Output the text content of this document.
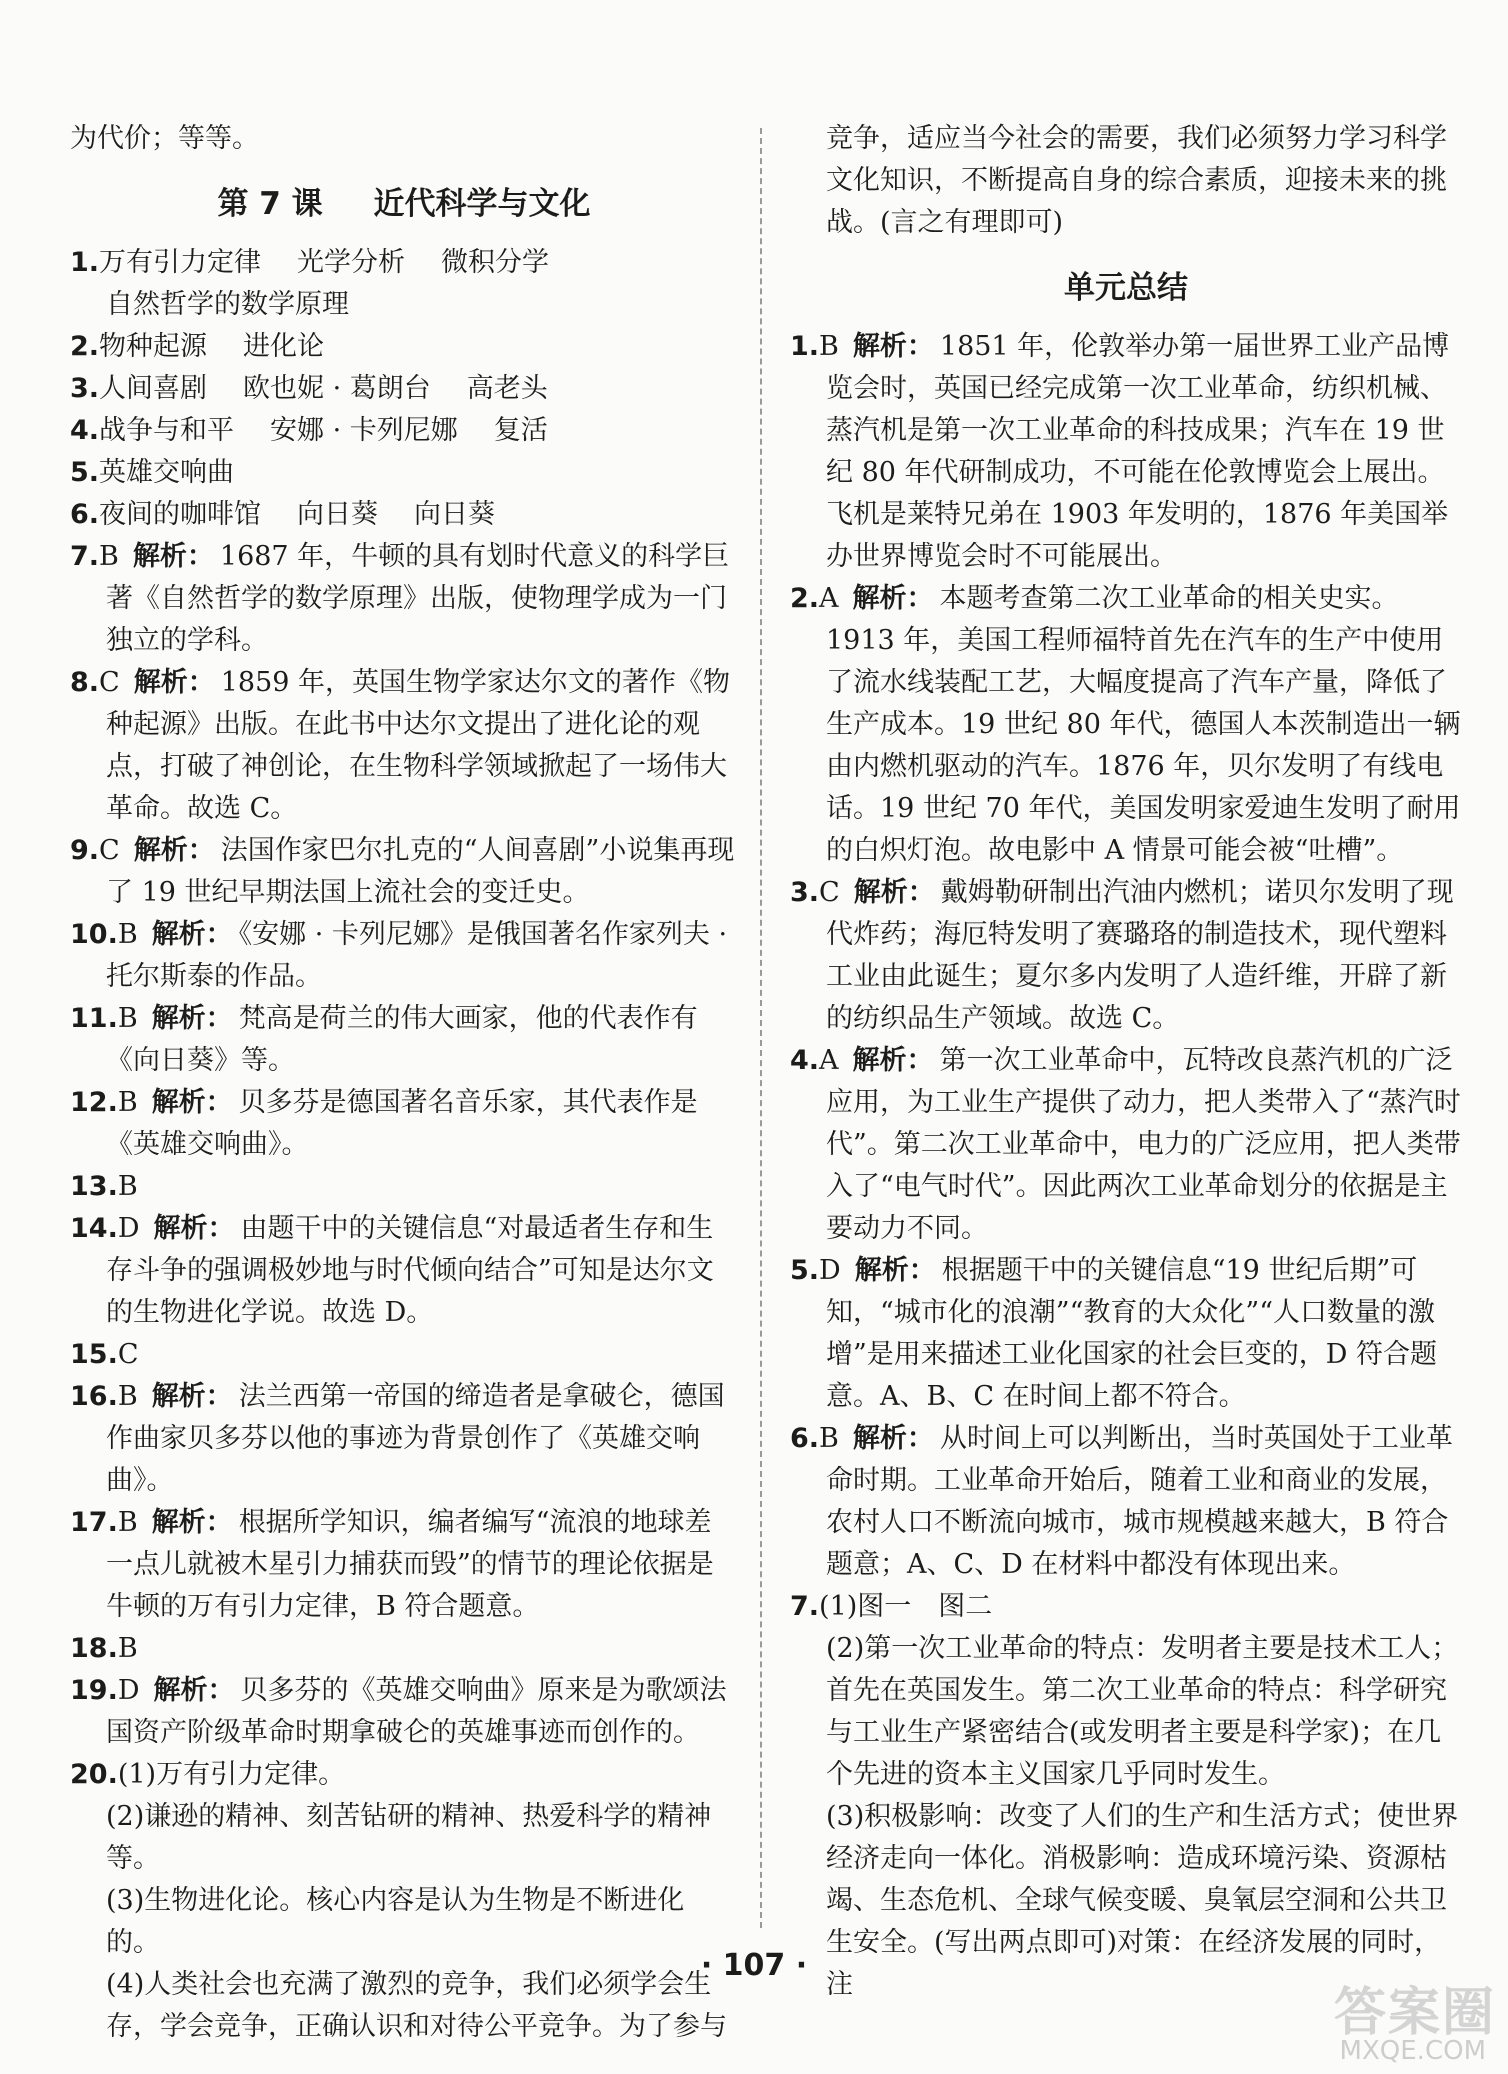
为代价；等等。

第 7 课 近代科学与文化
1.万有引力定律 光学分析 微积分学
自然哲学的数学原理
2.物种起源 进化论
3.人间喜剧 欧也妮 · 葛朗台 高老头
4.战争与和平 安娜 · 卡列尼娜 复活
5.英雄交响曲
6.夜间的咖啡馆 向日葵 向日葵
7.B 解析： 1687 年，牛顿的具有划时代意义的科学巨著《自然哲学的数学原理》出版，使物理学成为一门独立的学科。
8.C 解析： 1859 年，英国生物学家达尔文的著作《物种起源》出版。在此书中达尔文提出了进化论的观点，打破了神创论，在生物科学领域掀起了一场伟大革命。故选 C。
9.C 解析： 法国作家巴尔扎克的“人间喜剧”小说集再现了 19 世纪早期法国上流社会的变迁史。
10.B 解析： 《安娜 · 卡列尼娜》是俄国著名作家列夫 · 托尔斯泰的作品。
11.B 解析： 梵高是荷兰的伟大画家，他的代表作有《向日葵》等。
12.B 解析： 贝多芬是德国著名音乐家，其代表作是《英雄交响曲》。
13.B
14.D 解析： 由题干中的关键信息“对最适者生存和生存斗争的强调极妙地与时代倾向结合”可知是达尔文的生物进化学说。故选 D。
15.C
16.B 解析： 法兰西第一帝国的缔造者是拿破仑，德国作曲家贝多芬以他的事迹为背景创作了《英雄交响曲》。
17.B 解析： 根据所学知识，编者编写“流浪的地球差一点儿就被木星引力捕获而毁”的情节的理论依据是牛顿的万有引力定律，B 符合题意。
18.B
19.D 解析： 贝多芬的《英雄交响曲》原来是为歌颂法国资产阶级革命时期拿破仑的英雄事迹而创作的。
20.(1)万有引力定律。
(2)谦逊的精神、刻苦钻研的精神、热爱科学的精神等。
(3)生物进化论。核心内容是认为生物是不断进化的。
(4)人类社会也充满了激烈的竞争，我们必须学会生存，学会竞争，正确认识和对待公平竞争。为了参与

竞争，适应当今社会的需要，我们必须努力学习科学文化知识，不断提高自身的综合素质，迎接未来的挑战。(言之有理即可)

单元总结
1.B 解析： 1851 年，伦敦举办第一届世界工业产品博览会时，英国已经完成第一次工业革命，纺织机械、蒸汽机是第一次工业革命的科技成果；汽车在 19 世纪 80 年代研制成功，不可能在伦敦博览会上展出。飞机是莱特兄弟在 1903 年发明的，1876 年美国举办世界博览会时不可能展出。
2.A 解析： 本题考查第二次工业革命的相关史实。1913 年，美国工程师福特首先在汽车的生产中使用了流水线装配工艺，大幅度提高了汽车产量，降低了生产成本。19 世纪 80 年代，德国人本茨制造出一辆由内燃机驱动的汽车。1876 年，贝尔发明了有线电话。19 世纪 70 年代，美国发明家爱迪生发明了耐用的白炽灯泡。故电影中 A 情景可能会被“吐槽”。
3.C 解析： 戴姆勒研制出汽油内燃机；诺贝尔发明了现代炸药；海厄特发明了赛璐珞的制造技术，现代塑料工业由此诞生；夏尔多内发明了人造纤维，开辟了新的纺织品生产领域。故选 C。
4.A 解析： 第一次工业革命中，瓦特改良蒸汽机的广泛应用，为工业生产提供了动力，把人类带入了“蒸汽时代”。第二次工业革命中，电力的广泛应用，把人类带入了“电气时代”。因此两次工业革命划分的依据是主要动力不同。
5.D 解析： 根据题干中的关键信息“19 世纪后期”可知，“城市化的浪潮”“教育的大众化”“人口数量的激增”是用来描述工业化国家的社会巨变的，D 符合题意。A、B、C 在时间上都不符合。
6.B 解析： 从时间上可以判断出，当时英国处于工业革命时期。工业革命开始后，随着工业和商业的发展，农村人口不断流向城市，城市规模越来越大，B 符合题意；A、C、D 在材料中都没有体现出来。
7.(1)图一　图二
(2)第一次工业革命的特点：发明者主要是技术工人；首先在英国发生。第二次工业革命的特点：科学研究与工业生产紧密结合(或发明者主要是科学家)；在几个先进的资本主义国家几乎同时发生。
(3)积极影响：改变了人们的生产和生活方式；使世界经济走向一体化。消极影响：造成环境污染、资源枯竭、生态危机、全球气候变暖、臭氧层空洞和公共卫生安全。(写出两点即可)对策：在经济发展的同时，注
· 107 ·
答案圈
MXQE.COM
